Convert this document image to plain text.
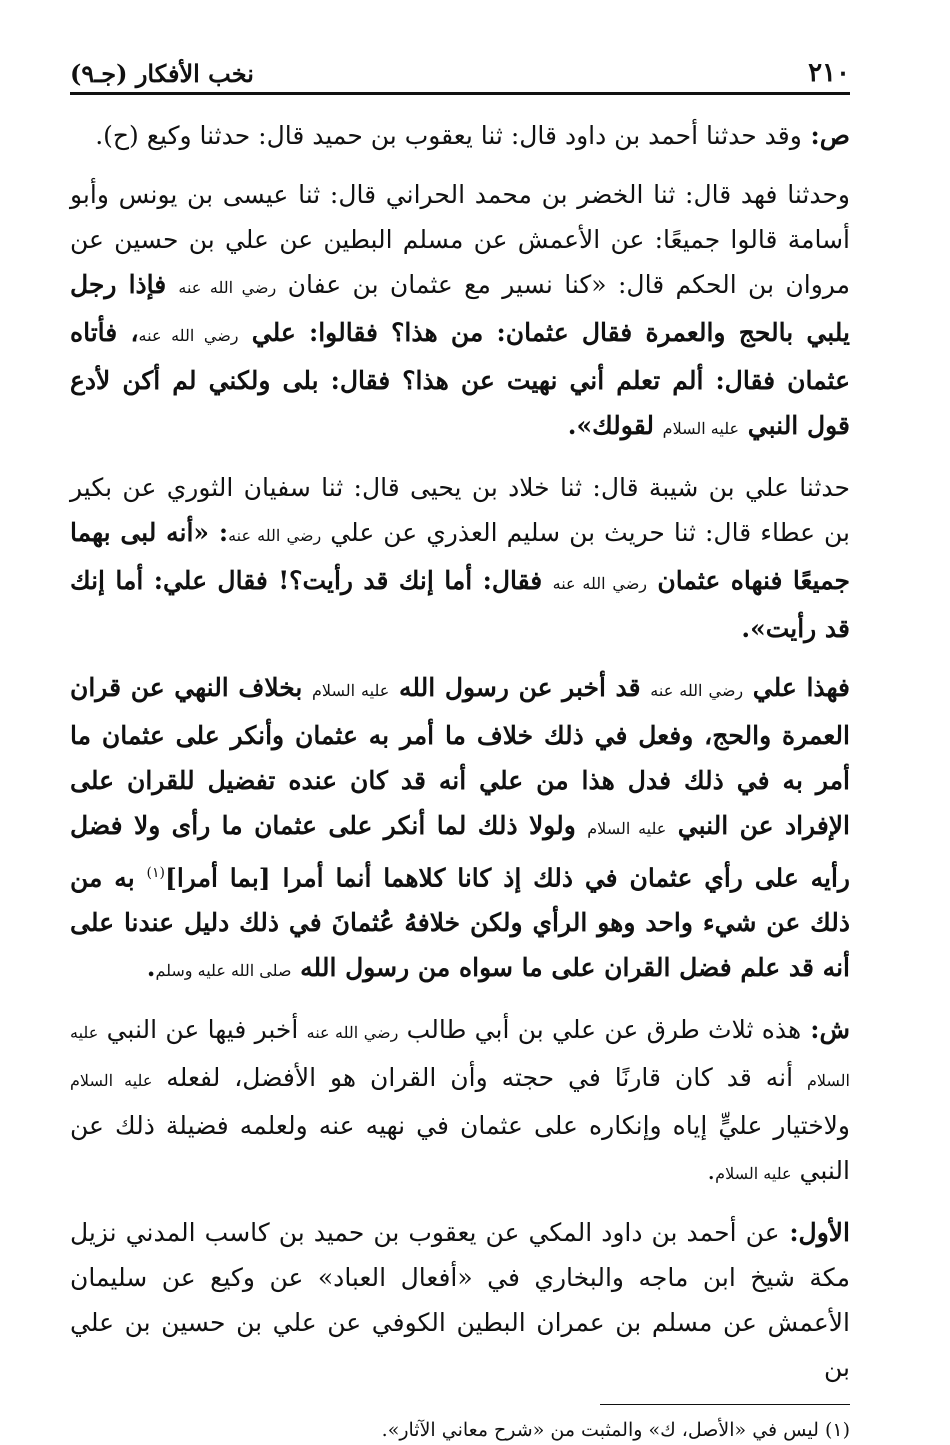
٢١٠
نخب الأفكار (جـ٩)

ص: وقد حدثنا أحمد بن داود قال: ثنا يعقوب بن حميد قال: حدثنا وكيع (ح).

وحدثنا فهد قال: ثنا الخضر بن محمد الحراني قال: ثنا عيسى بن يونس وأبو أسامة قالوا جميعًا: عن الأعمش عن مسلم البطين عن علي بن حسين عن مروان بن الحكم قال: «كنا نسير مع عثمان بن عفان رضي الله عنه فإذا رجل يلبي بالحج والعمرة فقال عثمان: من هذا؟ فقالوا: علي رضي الله عنه، فأتاه عثمان فقال: ألم تعلم أني نهيت عن هذا؟ فقال: بلى ولكني لم أكن لأدع قول النبي عليه السلام لقولك».

حدثنا علي بن شيبة قال: ثنا خلاد بن يحيى قال: ثنا سفيان الثوري عن بكير بن عطاء قال: ثنا حريث بن سليم العذري عن علي رضي الله عنه: «أنه لبى بهما جميعًا فنهاه عثمان رضي الله عنه فقال: أما إنك قد رأيت؟! فقال علي: أما إنك قد رأيت».

فهذا علي رضي الله عنه قد أخبر عن رسول الله عليه السلام بخلاف النهي عن قران العمرة والحج، وفعل في ذلك خلاف ما أمر به عثمان وأنكر على عثمان ما أمر به في ذلك فدل هذا من علي أنه قد كان عنده تفضيل للقران على الإفراد عن النبي عليه السلام ولولا ذلك لما أنكر على عثمان ما رأى ولا فضل رأيه على رأي عثمان في ذلك إذ كانا كلاهما أنما أمرا [بما أمرا]$^{(١)}$ به من ذلك عن شيء واحد وهو الرأي ولكن خلافهُ عُثمانَ في ذلك دليل عندنا على أنه قد علم فضل القران على ما سواه من رسول الله صلى الله عليه وسلم.

ش: هذه ثلاث طرق عن علي بن أبي طالب رضي الله عنه أخبر فيها عن النبي عليه السلام أنه قد كان قارنًا في حجته وأن القران هو الأفضل، لفعله عليه السلام ولاختيار عليٍّ إياه وإنكاره على عثمان في نهيه عنه ولعلمه فضيلة ذلك عن النبي عليه السلام.

الأول: عن أحمد بن داود المكي عن يعقوب بن حميد بن كاسب المدني نزيل مكة شيخ ابن ماجه والبخاري في «أفعال العباد» عن وكيع عن سليمان الأعمش عن مسلم بن عمران البطين الكوفي عن علي بن حسين بن علي بن

(١) ليس في «الأصل، ك» والمثبت من «شرح معاني الآثار».
